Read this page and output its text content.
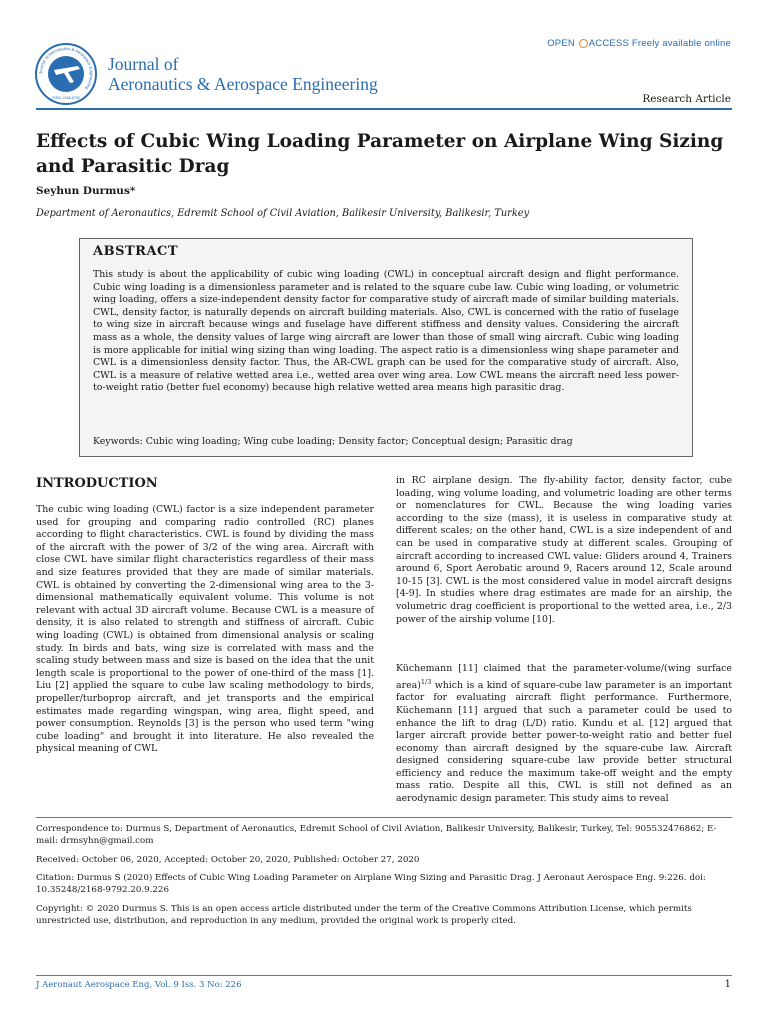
Journal of Aeronautics & Aerospace Engineering
ISSN: 2168-9792
Journal of
Aeronautics & Aerospace Engineering
OPEN ACCESS Freely available online
Research Article
Effects of Cubic Wing Loading Parameter on Airplane Wing Sizing and Parasitic Drag
Seyhun Durmus*
Department of Aeronautics, Edremit School of Civil Aviation, Balikesir University, Balikesir, Turkey
ABSTRACT

This study is about the applicability of cubic wing loading (CWL) in conceptual aircraft design and flight performance. Cubic wing loading is a dimensionless parameter and is related to the square cube law. Cubic wing loading, or volumetric wing loading, offers a size-independent density factor for comparative study of aircraft made of similar building materials. CWL, density factor, is naturally depends on aircraft building materials. Also, CWL is concerned with the ratio of fuselage to wing size in aircraft because wings and fuselage have different stiffness and density values. Considering the aircraft mass as a whole, the density values of large wing aircraft are lower than those of small wing aircraft. Cubic wing loading is more applicable for initial wing sizing than wing loading. The aspect ratio is a dimensionless wing shape parameter and CWL is a dimensionless density factor. Thus, the AR-CWL graph can be used for the comparative study of aircraft. Also, CWL is a measure of relative wetted area i.e., wetted area over wing area. Low CWL means the aircraft need less power-to-weight ratio (better fuel economy) because high relative wetted area means high parasitic drag.

Keywords: Cubic wing loading; Wing cube loading; Density factor; Conceptual design; Parasitic drag
INTRODUCTION

The cubic wing loading (CWL) factor is a size independent parameter used for grouping and comparing radio controlled (RC) planes according to flight characteristics. CWL is found by dividing the mass of the aircraft with the power of 3/2 of the wing area. Aircraft with close CWL have similar flight characteristics regardless of their mass and size features provided that they are made of similar materials. CWL is obtained by converting the 2-dimensional wing area to the 3-dimensional mathematically equivalent volume. This volume is not relevant with actual 3D aircraft volume. Because CWL is a measure of density, it is also related to strength and stiffness of aircraft. Cubic wing loading (CWL) is obtained from dimensional analysis or scaling study. In birds and bats, wing size is correlated with mass and the scaling study between mass and size is based on the idea that the unit length scale is proportional to the power of one-third of the mass [1]. Liu [2] applied the square to cube law scaling methodology to birds, propeller/turboprop aircraft, and jet transports and the empirical estimates made regarding wingspan, wing area, flight speed, and power consumption. Reynolds [3] is the person who used term "wing cube loading" and brought it into literature. He also revealed the physical meaning of CWL

in RC airplane design. The fly-ability factor, density factor, cube loading, wing volume loading, and volumetric loading are other terms or nomenclatures for CWL. Because the wing loading varies according to the size (mass), it is useless in comparative study at different scales; on the other hand, CWL is a size independent of and can be used in comparative study at different scales. Grouping of aircraft according to increased CWL value: Gliders around 4, Trainers around 6, Sport Aerobatic around 9, Racers around 12, Scale around 10-15 [3]. CWL is the most considered value in model aircraft designs [4-9]. In studies where drag estimates are made for an airship, the volumetric drag coefficient is proportional to the wetted area, i.e., 2/3 power of the airship volume [10].

Küchemann [11] claimed that the parameter-volume/(wing surface area)$^{1/3}$ which is a kind of square-cube law parameter is an important factor for evaluating aircraft flight performance. Furthermore, Küchemann [11] argued that such a parameter could be used to enhance the lift to drag (L/D) ratio. Kundu et al. [12] argued that larger aircraft provide better power-to-weight ratio and better fuel economy than aircraft designed by the square-cube law. Aircraft designed considering square-cube law provide better structural efficiency and reduce the maximum take-off weight and the empty mass ratio. Despite all this, CWL is still not defined as an aerodynamic design parameter. This study aims to reveal

Correspondence to: Durmus S, Department of Aeronautics, Edremit School of Civil Aviation, Balikesir University, Balikesir, Turkey, Tel: 905532476862; E-mail: drmsyhn@gmail.com

Received: October 06, 2020, Accepted: October 20, 2020, Published: October 27, 2020

Citation: Durmus S (2020) Effects of Cubic Wing Loading Parameter on Airplane Wing Sizing and Parasitic Drag. J Aeronaut Aerospace Eng. 9:226. doi: 10.35248/2168-9792.20.9.226

Copyright: © 2020 Durmus S. This is an open access article distributed under the term of the Creative Commons Attribution License, which permits unrestricted use, distribution, and reproduction in any medium, provided the original work is properly cited.

J Aeronaut Aerospace Eng, Vol. 9 Iss. 3 No: 226	1
